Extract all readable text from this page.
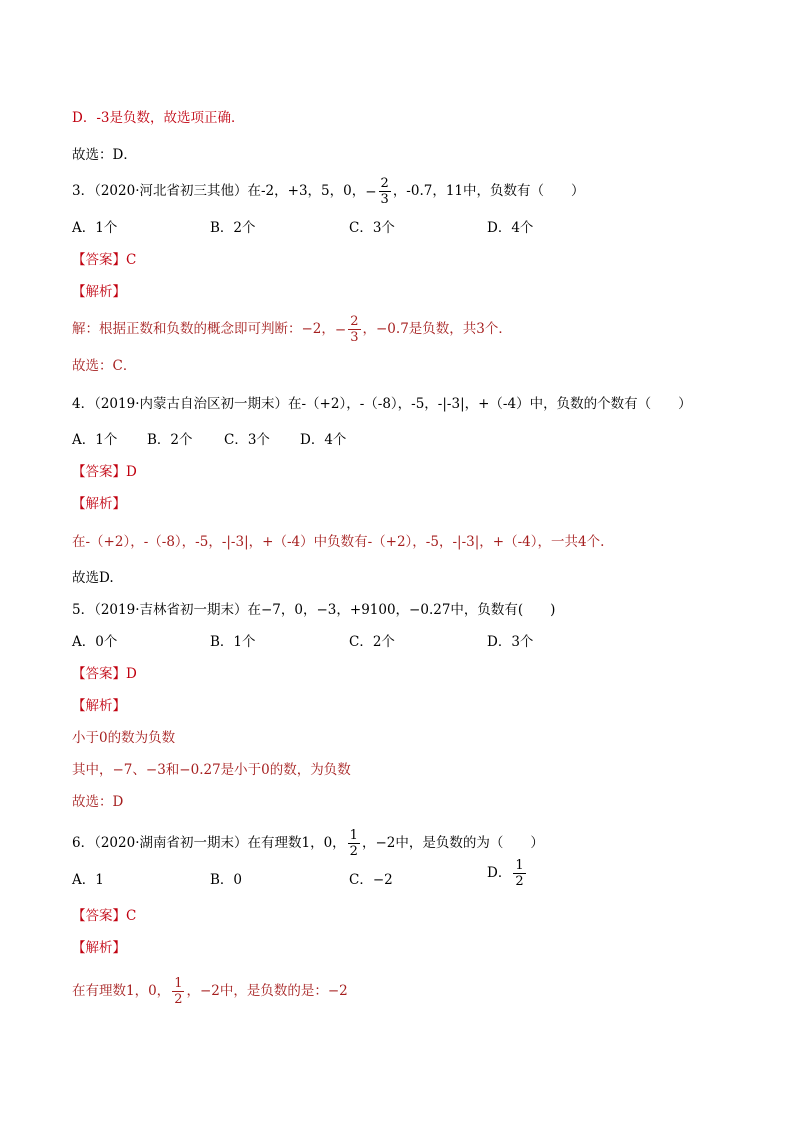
D．-3是负数，故选项正确．
故选：D．
3．（2020·河北省初三其他）在-2，+3，5，0，− $\frac{2}{3}$ ，-0.7，11中，负数有（　　）
A．1个	B．2个	C．3个	D．4个
【答案】C
【解析】
解：根据正数和负数的概念即可判断：−2，− $\frac{2}{3}$ ，−0.7是负数，共3个．
故选：C．
4．（2019·内蒙古自治区初一期末）在-（+2），-（-8），-5，-|-3|，+（-4）中，负数的个数有（　　）
A．1个 B．2个 C．3个 D．4个
【答案】D
【解析】
在-（+2），-（-8），-5，-|-3|，+（-4）中负数有-（+2），-5，-|-3|，+（-4），一共4个.
故选D.
5．（2019·吉林省初一期末）在−7，0，−3，+9100，−0.27中，负数有(　　)
A．0个	B．1个	C．2个	D．3个
【答案】D
【解析】
小于0的数为负数
其中，−7、−3和−0.27是小于0的数，为负数
故选：D
6．（2020·湖南省初一期末）在有理数1，0， $\frac{1}{2}$ ，−2中，是负数的为（　　）
A．1	B．0	C．−2	D． $\frac{1}{2}$
【答案】C
【解析】
在有理数1，0， $\frac{1}{2}$ ，−2中，是负数的是：−2
